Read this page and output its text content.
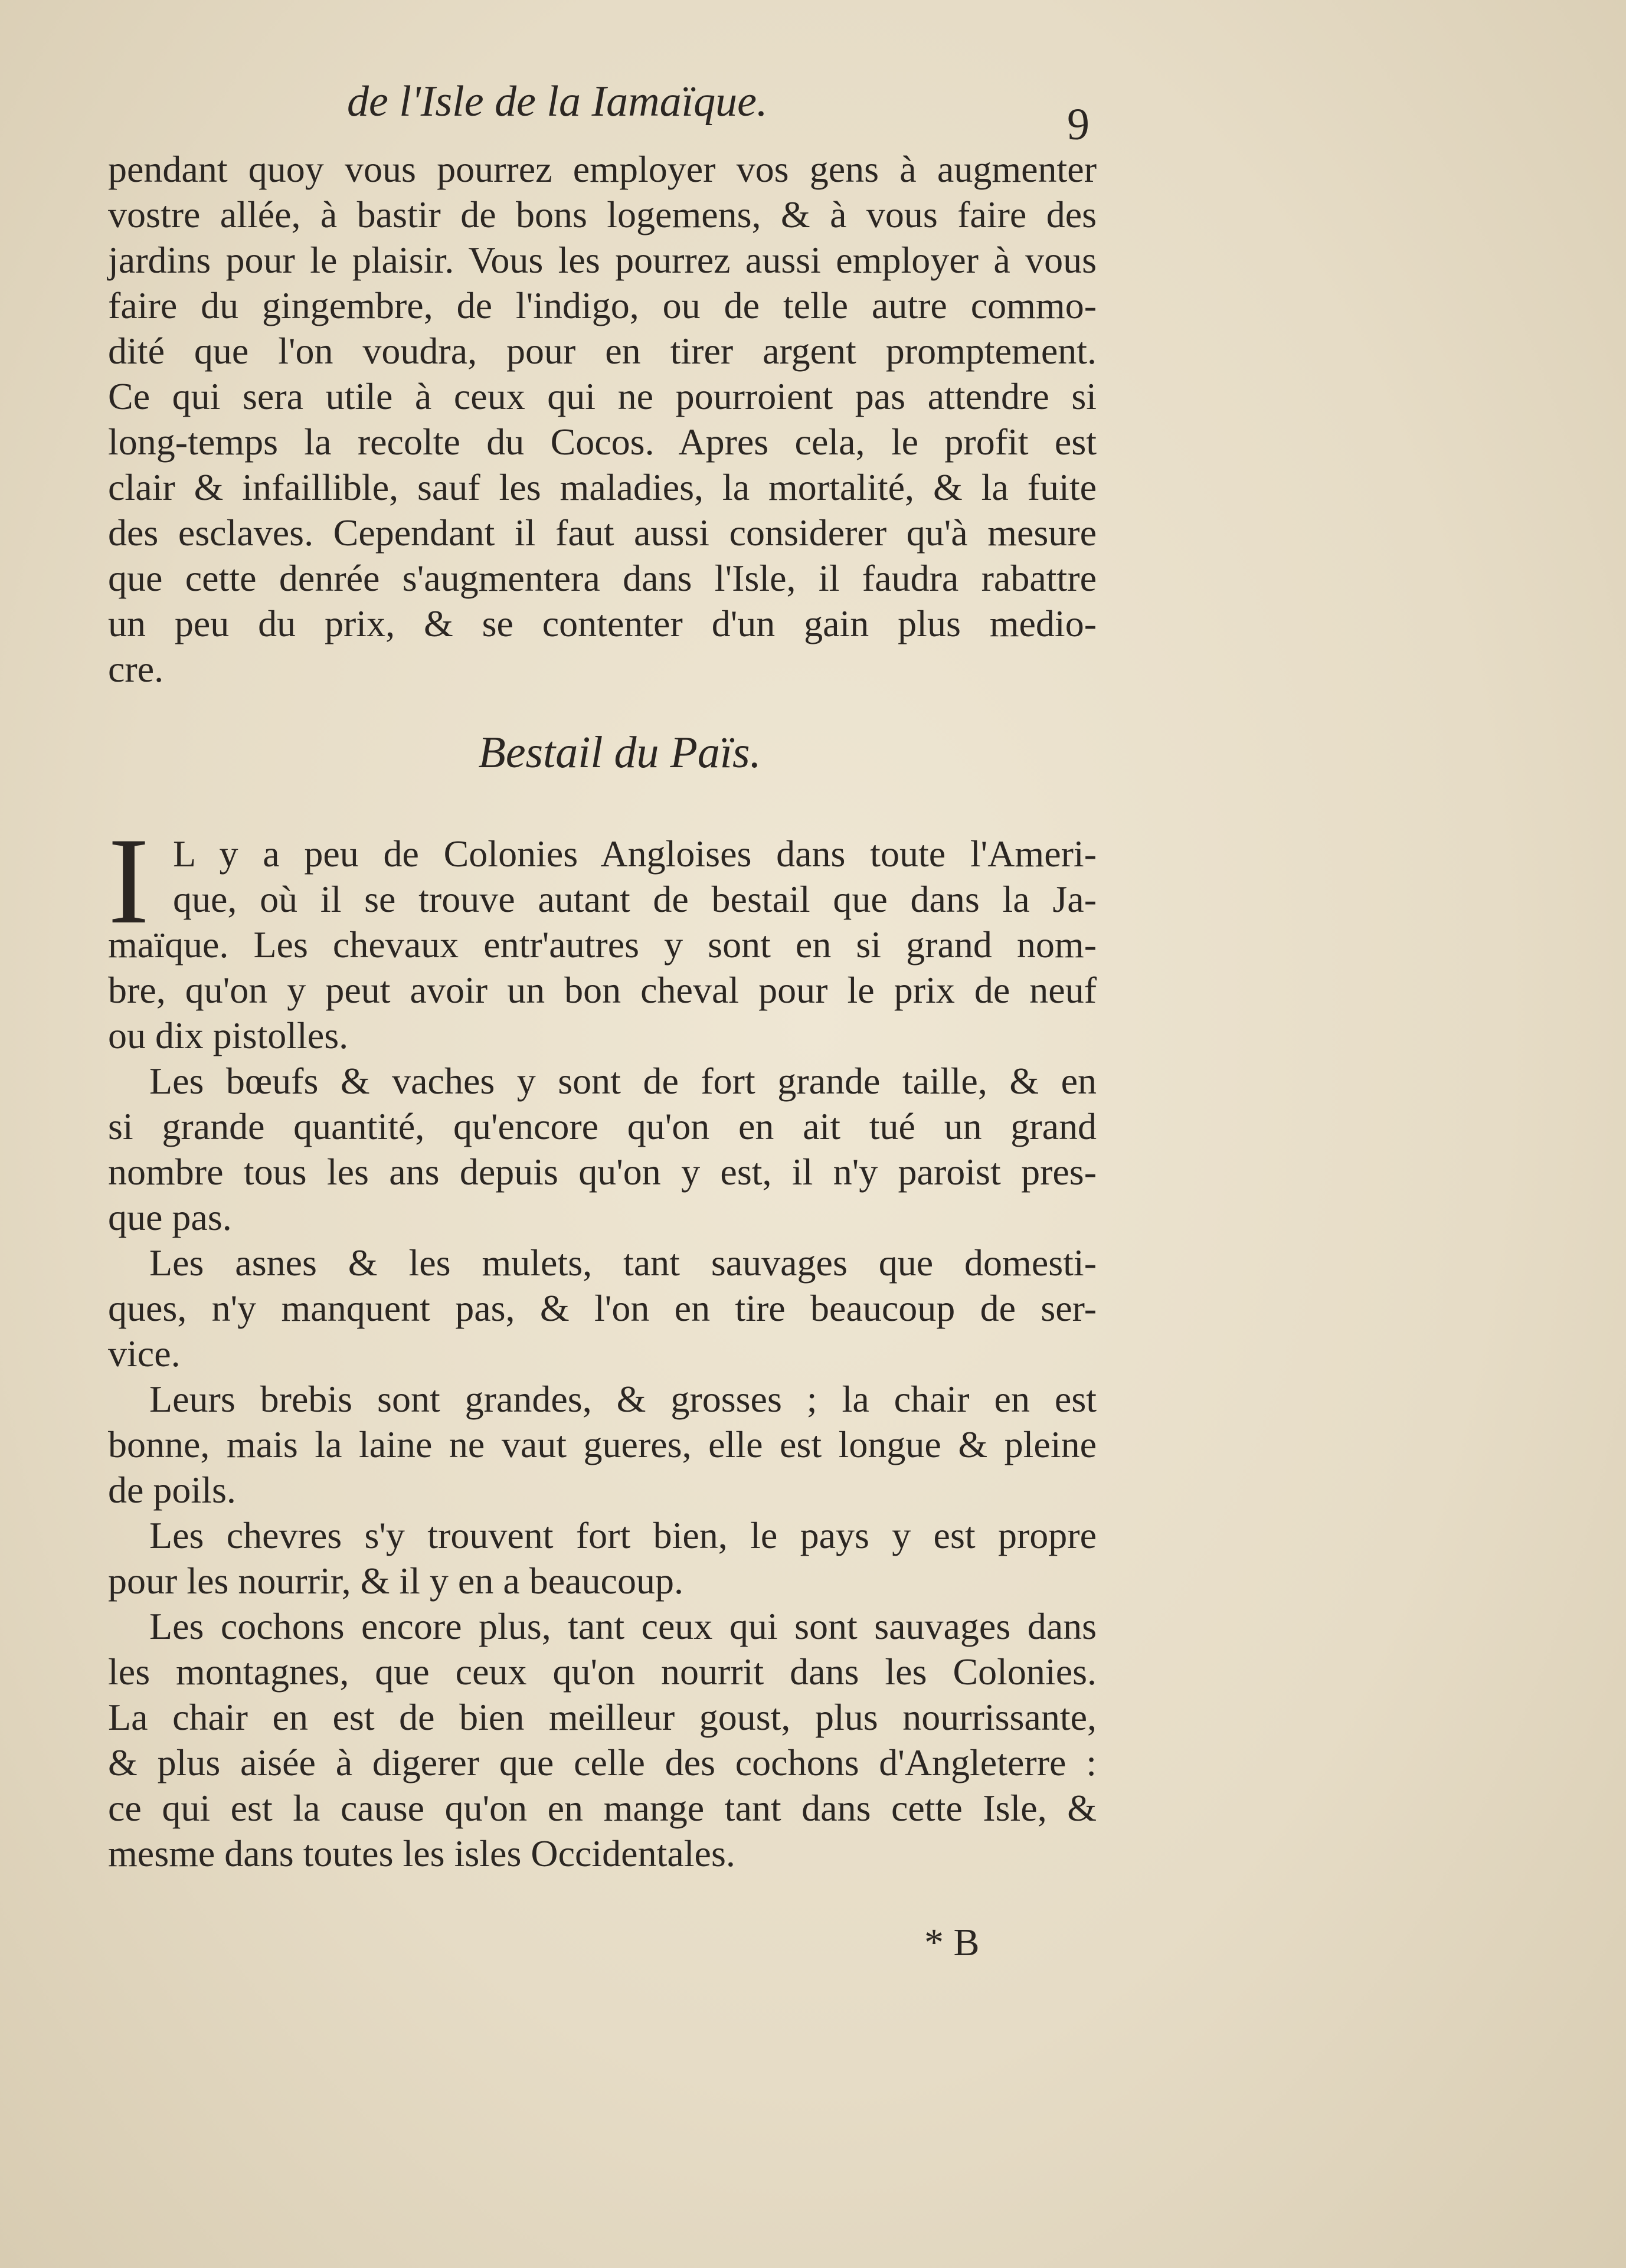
de l'Isle de la Iamaïque.	9
pendant quoy vous pourrez employer vos gens à augmenter
vostre allée, à bastir de bons logemens, & à vous faire des
jardins pour le plaisir. Vous les pourrez aussi employer à vous
faire du gingembre, de l'indigo, ou de telle autre commo-
dité que l'on voudra, pour en tirer argent promptement.
Ce qui sera utile à ceux qui ne pourroient pas attendre si
long-temps la recolte du Cocos. Apres cela, le profit est
clair & infaillible, sauf les maladies, la mortalité, & la fuite
des esclaves. Cependant il faut aussi considerer qu'à mesure
que cette denrée s'augmentera dans l'Isle, il faudra rabattre
un peu du prix, & se contenter d'un gain plus medio-
cre.
Bestail du Païs.
I L y a peu de Colonies Angloises dans toute l'Ameri-
que, où il se trouve autant de bestail que dans la Ja-
maïque. Les chevaux entr'autres y sont en si grand nom-
bre, qu'on y peut avoir un bon cheval pour le prix de neuf
ou dix pistolles.
Les bœufs & vaches y sont de fort grande taille, & en
si grande quantité, qu'encore qu'on en ait tué un grand
nombre tous les ans depuis qu'on y est, il n'y paroist pres-
que pas.
Les asnes & les mulets, tant sauvages que domesti-
ques, n'y manquent pas, & l'on en tire beaucoup de ser-
vice.
Leurs brebis sont grandes, & grosses ; la chair en est
bonne, mais la laine ne vaut gueres, elle est longue & pleine
de poils.
Les chevres s'y trouvent fort bien, le pays y est propre
pour les nourrir, & il y en a beaucoup.
Les cochons encore plus, tant ceux qui sont sauvages dans
les montagnes, que ceux qu'on nourrit dans les Colonies.
La chair en est de bien meilleur goust, plus nourrissante,
& plus aisée à digerer que celle des cochons d'Angleterre :
ce qui est la cause qu'on en mange tant dans cette Isle, &
mesme dans toutes les isles Occidentales.
* B
